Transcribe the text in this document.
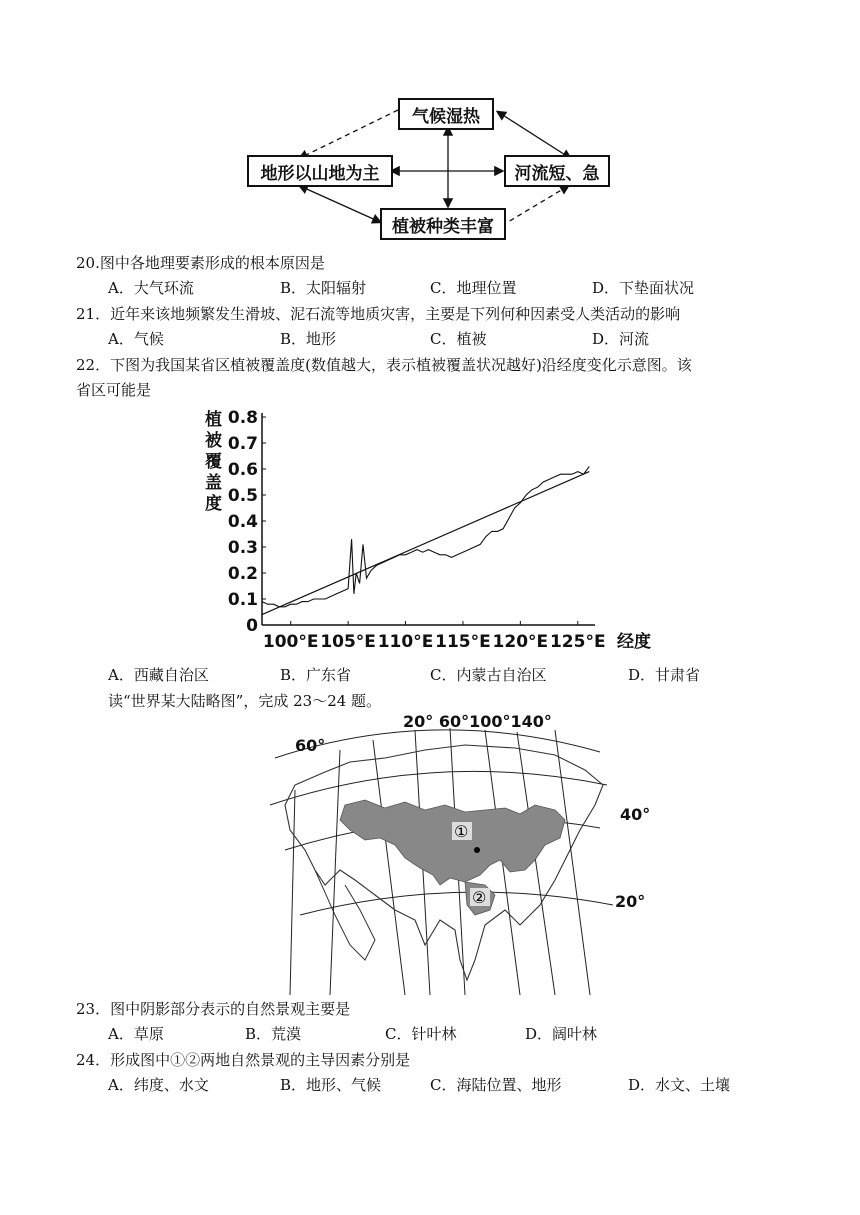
气候湿热
地形以山地为主	河流短、急
植被种类丰富
20.图中各地理要素形成的根本原因是
A．大气环流	B．太阳辐射	C．地理位置	D．下垫面状况
21．近年来该地频繁发生滑坡、泥石流等地质灾害，主要是下列何种因素受人类活动的影响
A．气候	B．地形	C．植被	D．河流
22．下图为我国某省区植被覆盖度(数值越大，表示植被覆盖状况越好)沿经度变化示意图。该
省区可能是
植被覆盖度
0
0.1
0.2
0.3
0.4
0.5
0.6
0.7
0.8
100°E 105°E 110°E 115°E 120°E 125°E 经度
A．西藏自治区	B．广东省	C．内蒙古自治区	D．甘肃省
读“世界某大陆略图”，完成 23～24 题。
①
②
20° 60°100°140°
60°
40°
20°
23．图中阴影部分表示的自然景观主要是
A．草原	B．荒漠	C．针叶林	D．阔叶林
24．形成图中①②两地自然景观的主导因素分别是
A．纬度、水文	B．地形、气候	C．海陆位置、地形	D．水文、土壤
